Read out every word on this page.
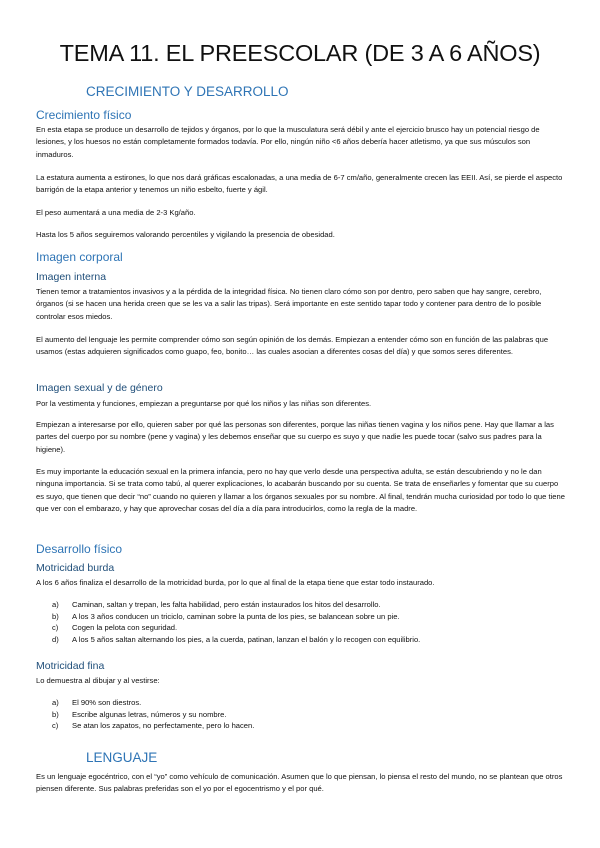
TEMA 11. EL PREESCOLAR (DE 3 A 6 AÑOS)
CRECIMIENTO Y DESARROLLO
Crecimiento físico

En esta etapa se produce un desarrollo de tejidos y órganos, por lo que la musculatura será débil y ante el ejercicio brusco hay un potencial riesgo de lesiones, y los huesos no están completamente formados todavía. Por ello, ningún niño <6 años debería hacer atletismo, ya que sus músculos son inmaduros.

La estatura aumenta a estirones, lo que nos dará gráficas escalonadas, a una media de 6-7 cm/año, generalmente crecen las EEII. Así, se pierde el aspecto barrigón de la etapa anterior y tenemos un niño esbelto, fuerte y ágil.

El peso aumentará a una media de 2-3 Kg/año.

Hasta los 5 años seguiremos valorando percentiles y vigilando la presencia de obesidad.

Imagen corporal
Imagen interna

Tienen temor a tratamientos invasivos y a la pérdida de la integridad física. No tienen claro cómo son por dentro, pero saben que hay sangre, cerebro, órganos (si se hacen una herida creen que se les va a salir las tripas). Será importante en este sentido tapar todo y contener para dentro de lo posible controlar esos miedos.

El aumento del lenguaje les permite comprender cómo son según opinión de los demás. Empiezan a entender cómo son en función de las palabras que usamos (estas adquieren significados como guapo, feo, bonito… las cuales asocian a diferentes cosas del día) y que somos seres diferentes.

Imagen sexual y de género

Por la vestimenta y funciones, empiezan a preguntarse por qué los niños y las niñas son diferentes.

Empiezan a interesarse por ello, quieren saber por qué las personas son diferentes, porque las niñas tienen vagina y los niños pene. Hay que llamar a las partes del cuerpo por su nombre (pene y vagina) y les debemos enseñar que su cuerpo es suyo y que nadie les puede tocar (salvo sus padres para la higiene).

Es muy importante la educación sexual en la primera infancia, pero no hay que verlo desde una perspectiva adulta, se están descubriendo y no le dan ninguna importancia. Si se trata como tabú, al querer explicaciones, lo acabarán buscando por su cuenta. Se trata de enseñarles y fomentar que su cuerpo es suyo, que tienen que decir “no” cuando no quieren y llamar a los órganos sexuales por su nombre. Al final, tendrán mucha curiosidad por todo lo que tiene que ver con el embarazo, y hay que aprovechar cosas del día a día para introducirlos, como la regla de la madre.

Desarrollo físico
Motricidad burda

A los 6 años finaliza el desarrollo de la motricidad burda, por lo que al final de la etapa tiene que estar todo instaurado.

a) Caminan, saltan y trepan, les falta habilidad, pero están instaurados los hitos del desarrollo.
b) A los 3 años conducen un triciclo, caminan sobre la punta de los pies, se balancean sobre un pie.
c) Cogen la pelota con seguridad.
d) A los 5 años saltan alternando los pies, a la cuerda, patinan, lanzan el balón y lo recogen con equilibrio.
Motricidad fina

Lo demuestra al dibujar y al vestirse:

a) El 90% son diestros.
b) Escribe algunas letras, números y su nombre.
c) Se atan los zapatos, no perfectamente, pero lo hacen.
LENGUAJE

Es un lenguaje egocéntrico, con el “yo” como vehículo de comunicación. Asumen que lo que piensan, lo piensa el resto del mundo, no se plantean que otros piensen diferente. Sus palabras preferidas son el yo por el egocentrismo y el por qué.
